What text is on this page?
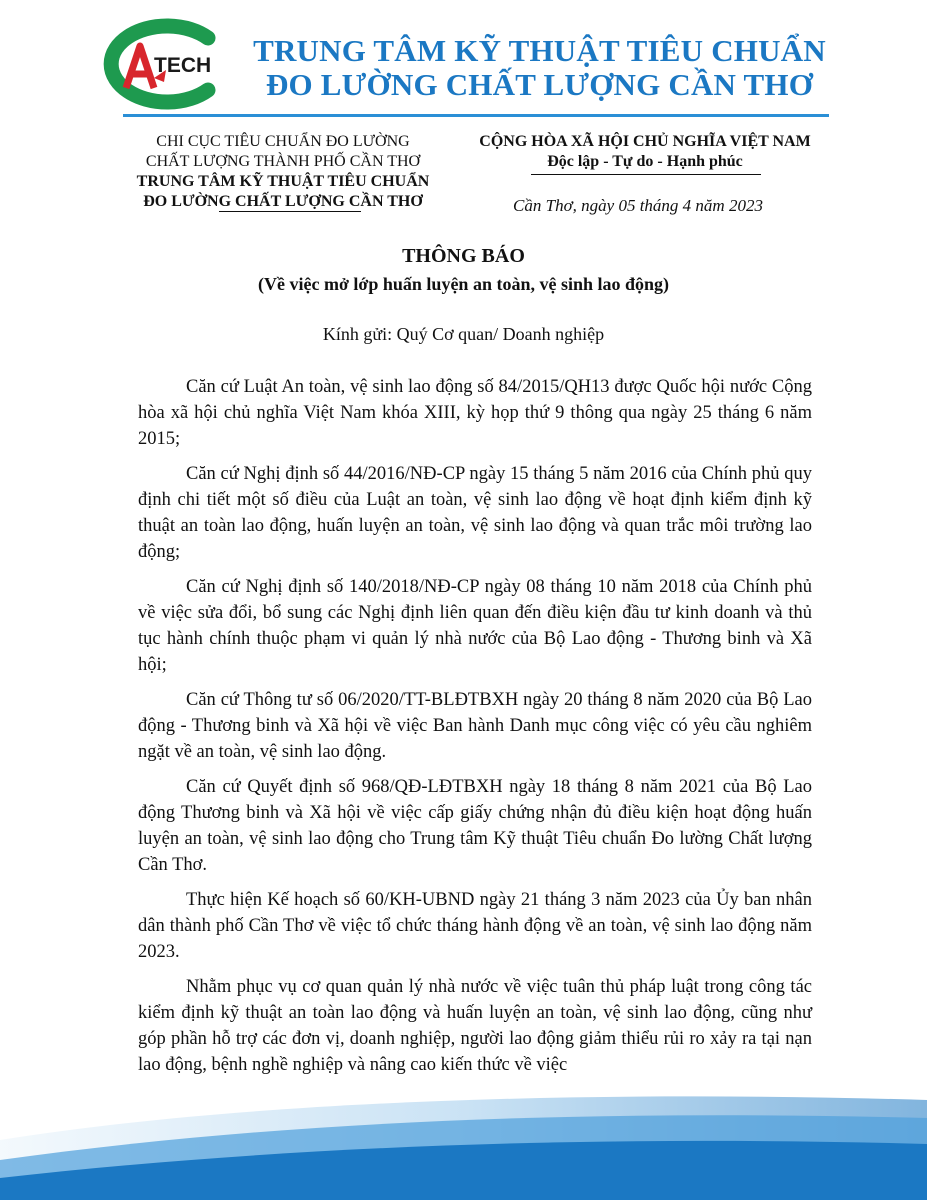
TECH TRUNG TÂM KỸ THUẬT TIÊU CHUẨN
ĐO LƯỜNG CHẤT LƯỢNG CẦN THƠ
CHI CỤC TIÊU CHUẨN ĐO LƯỜNG
CHẤT LƯỢNG THÀNH PHỐ CẦN THƠ
TRUNG TÂM KỸ THUẬT TIÊU CHUẨN
ĐO LƯỜNG CHẤT LƯỢNG CẦN THƠ
CỘNG HÒA XÃ HỘI CHỦ NGHĨA VIỆT NAM
Độc lập - Tự do - Hạnh phúc
Cần Thơ, ngày 05 tháng 4 năm 2023
THÔNG BÁO
(Về việc mở lớp huấn luyện an toàn, vệ sinh lao động)
Kính gửi: Quý Cơ quan/ Doanh nghiệp

Căn cứ Luật An toàn, vệ sinh lao động số 84/2015/QH13 được Quốc hội nước Cộng hòa xã hội chủ nghĩa Việt Nam khóa XIII, kỳ họp thứ 9 thông qua ngày 25 tháng 6 năm 2015;

Căn cứ Nghị định số 44/2016/NĐ-CP ngày 15 tháng 5 năm 2016 của Chính phủ quy định chi tiết một số điều của Luật an toàn, vệ sinh lao động về hoạt định kiểm định kỹ thuật an toàn lao động, huấn luyện an toàn, vệ sinh lao động và quan trắc môi trường lao động;

Căn cứ Nghị định số 140/2018/NĐ-CP ngày 08 tháng 10 năm 2018 của Chính phủ về việc sửa đổi, bổ sung các Nghị định liên quan đến điều kiện đầu tư kinh doanh và thủ tục hành chính thuộc phạm vi quản lý nhà nước của Bộ Lao động - Thương binh và Xã hội;

Căn cứ Thông tư số 06/2020/TT-BLĐTBXH ngày 20 tháng 8 năm 2020 của Bộ Lao động - Thương binh và Xã hội về việc Ban hành Danh mục công việc có yêu cầu nghiêm ngặt về an toàn, vệ sinh lao động.

Căn cứ Quyết định số 968/QĐ-LĐTBXH ngày 18 tháng 8 năm 2021 của Bộ Lao động Thương binh và Xã hội về việc cấp giấy chứng nhận đủ điều kiện hoạt động huấn luyện an toàn, vệ sinh lao động cho Trung tâm Kỹ thuật Tiêu chuẩn Đo lường Chất lượng Cần Thơ.

Thực hiện Kế hoạch số 60/KH-UBND ngày 21 tháng 3 năm 2023 của Ủy ban nhân dân thành phố Cần Thơ về việc tổ chức tháng hành động về an toàn, vệ sinh lao động năm 2023.

Nhằm phục vụ cơ quan quản lý nhà nước về việc tuân thủ pháp luật trong công tác kiểm định kỹ thuật an toàn lao động và huấn luyện an toàn, vệ sinh lao động, cũng như góp phần hỗ trợ các đơn vị, doanh nghiệp, người lao động giảm thiểu rủi ro xảy ra tại nạn lao động, bệnh nghề nghiệp và nâng cao kiến thức về việc
